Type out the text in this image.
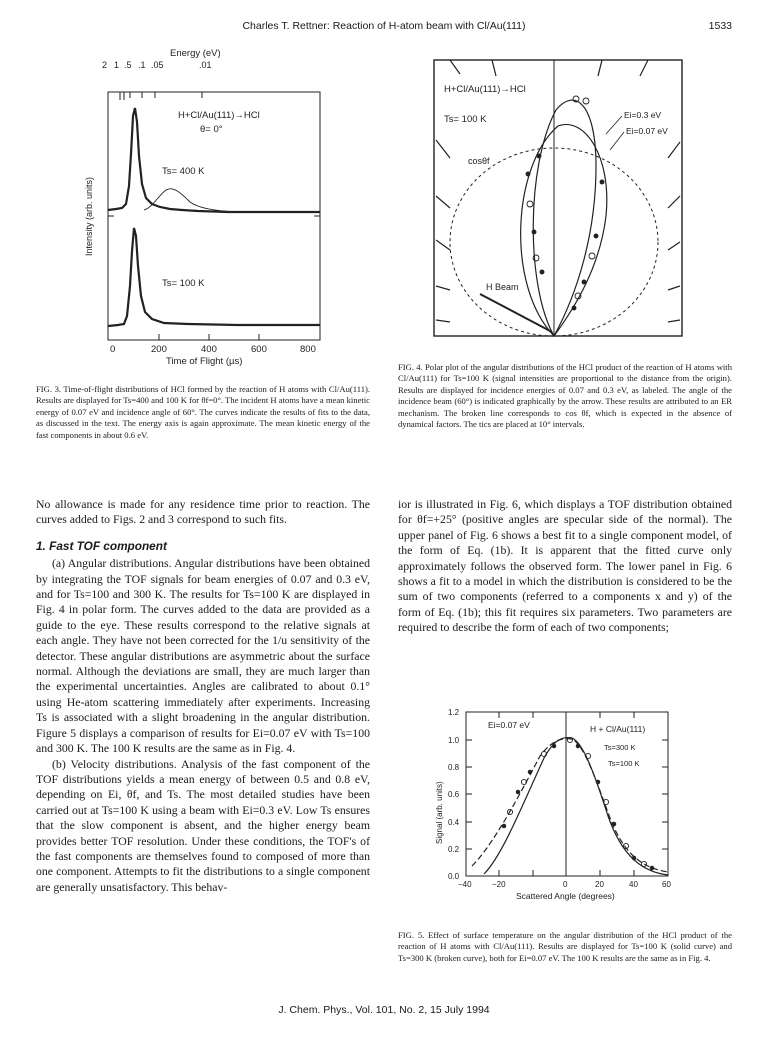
Charles T. Rettner: Reaction of H-atom beam with Cl/Au(111)	1533
Energy (eV)
2 1 .5 .1 .05	.01
H+Cl/Au(111)→HCl
θ= 0°
Ts= 400 K
Ts= 100 K
Intensity (arb. units)
0	200	400	600	800
Time of Flight (µs)

FIG. 3. Time-of-flight distributions of HCl formed by the reaction of H atoms with Cl/Au(111). Results are displayed for Ts=400 and 100 K for θf=0°. The incident H atoms have a mean kinetic energy of 0.07 eV and incidence angle of 60°. The curves indicate the results of fits to the data, as discussed in the text. The energy axis is again approximate. The mean kinetic energy of the fast components in about 0.6 eV.

H+Cl/Au(111)→HCl
Ts= 100 K
cosθf
H Beam
Ei=0.3 eV
Ei=0.07 eV

FIG. 4. Polar plot of the angular distributions of the HCl product of the reaction of H atoms with Cl/Au(111) for Ts=100 K (signal intensities are proportional to the distance from the origin). Results are displayed for incidence energies of 0.07 and 0.3 eV, as labeled. The angle of the incidence beam (60°) is indicated graphically by the arrow. These results are attributed to an ER mechanism. The broken line corresponds to cos θf, which is expected in the absence of dynamical factors. The tics are placed at 10° intervals.

No allowance is made for any residence time prior to reaction. The curves added to Figs. 2 and 3 correspond to such fits.

1. Fast TOF component

(a) Angular distributions. Angular distributions have been obtained by integrating the TOF signals for beam energies of 0.07 and 0.3 eV, and for Ts=100 and 300 K. The results for Ts=100 K are displayed in Fig. 4 in polar form. The curves added to the data are provided as a guide to the eye. These results correspond to the relative signals at each angle. They have not been corrected for the 1/u sensitivity of the detector. These angular distributions are asymmetric about the surface normal. Although the deviations are small, they are much larger than the experimental uncertainties. Angles are calibrated to about 0.1° using He-atom scattering immediately after experiments. Increasing Ts is associated with a slight broadening in the angular distribution. Figure 5 displays a comparison of results for Ei=0.07 eV with Ts=100 and 300 K. The 100 K results are the same as in Fig. 4.

(b) Velocity distributions. Analysis of the fast component of the TOF distributions yields a mean energy of between 0.5 and 0.8 eV, depending on Ei, θf, and Ts. The most detailed studies have been carried out at Ts=100 K using a beam with Ei=0.3 eV. Low Ts ensures that the slow component is absent, and the higher energy beam provides better TOF resolution. Under these conditions, the TOF's of the fast components are themselves found to composed of more than one component. Attempts to fit the distributions to a single component are generally unsatisfactory. This behav-

ior is illustrated in Fig. 6, which displays a TOF distribution obtained for θf=+25° (positive angles are specular side of the normal). The upper panel of Fig. 6 shows a best fit to a single component model, of the form of Eq. (1b). It is apparent that the fitted curve only approximately follows the observed form. The lower panel in Fig. 6 shows a fit to a model in which the distribution is considered to be the sum of two components (referred to a components x and y) of the form of Eq. (1b); this fit requires six parameters. Two parameters are required to describe the form of each of two components;

Ei=0.07 eV	H + Cl/Au(111)
Ts=300 K
Ts=100 K
0.0
0.2
0.4
0.6
0.8
1.0
1.2
−40	−20	0	20	40	60
Signal (arb. units)
Scattered Angle (degrees)

FIG. 5. Effect of surface temperature on the angular distribution of the HCl product of the reaction of H atoms with Cl/Au(111). Results are displayed for Ts=100 K (solid curve) and Ts=300 K (broken curve), both for Ei=0.07 eV. The 100 K results are the same as in Fig. 4.

J. Chem. Phys., Vol. 101, No. 2, 15 July 1994
